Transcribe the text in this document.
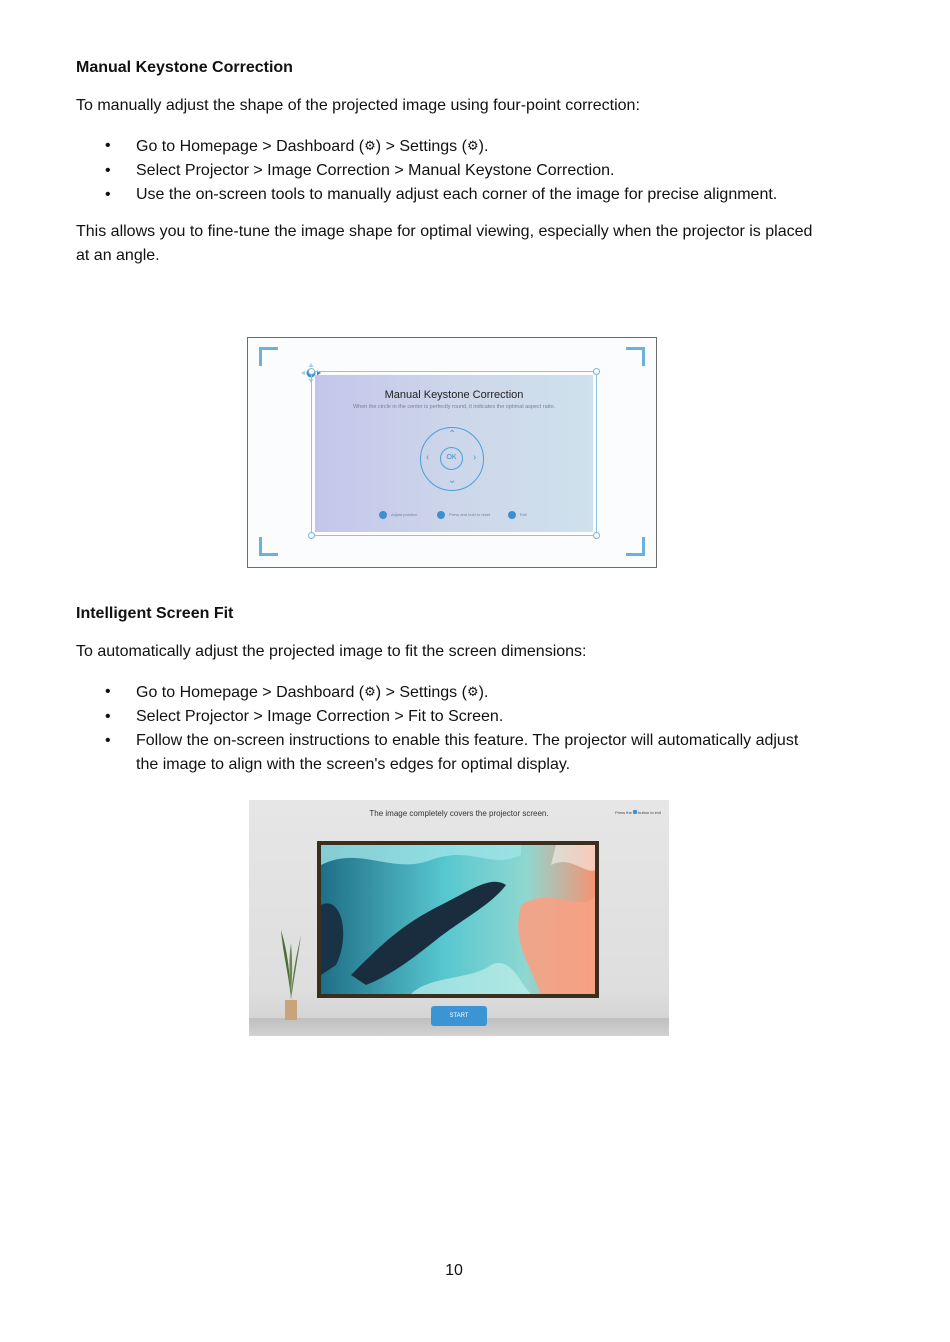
Manual Keystone Correction

To manually adjust the shape of the projected image using four-point correction:

• Go to Homepage > Dashboard (⚙) > Settings (⚙).
• Select Projector > Image Correction > Manual Keystone Correction.
• Use the on-screen tools to manually adjust each corner of the image for precise alignment.

This allows you to fine-tune the image shape for optimal viewing, especially when the projector is placed at an angle.

Manual Keystone Correction
When the circle in the center is perfectly round, it indicates the optimal aspect ratio.
⌃
⌄
‹	›
OK
Adjust position	Press and hold to reset	Exit
Intelligent Screen Fit

To automatically adjust the projected image to fit the screen dimensions:

• Go to Homepage > Dashboard (⚙) > Settings (⚙).
• Select Projector > Image Correction > Fit to Screen.
• Follow the on-screen instructions to enable this feature. The projector will automatically adjust the image to align with the screen's edges for optimal display.
The image completely covers the projector screen.	Press the button to exit
START
10
